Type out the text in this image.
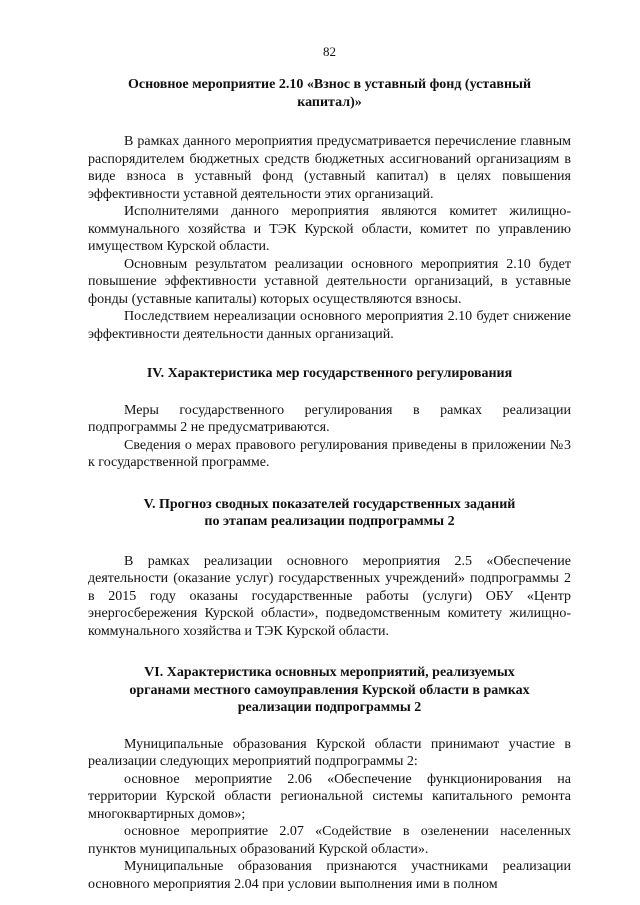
82
Основное мероприятие 2.10 «Взнос в уставный фонд (уставный
капитал)»

В рамках данного мероприятия предусматривается перечисление главным распорядителем бюджетных средств бюджетных ассигнований организациям в виде взноса в уставный фонд (уставный капитал) в целях повышения эффективности уставной деятельности этих организаций.

Исполнителями данного мероприятия являются комитет жилищно-коммунального хозяйства и ТЭК Курской области, комитет по управлению имуществом Курской области.

Основным результатом реализации основного мероприятия 2.10 будет повышение эффективности уставной деятельности организаций, в уставные фонды (уставные капиталы) которых осуществляются взносы.

Последствием нереализации основного мероприятия 2.10 будет снижение эффективности деятельности данных организаций.

IV. Характеристика мер государственного регулирования

Меры государственного регулирования в рамках реализации подпрограммы 2 не предусматриваются.

Сведения о мерах правового регулирования приведены в приложении №3 к государственной программе.

V. Прогноз сводных показателей государственных заданий
по этапам реализации подпрограммы 2

В рамках реализации основного мероприятия 2.5 «Обеспечение деятельности (оказание услуг) государственных учреждений» подпрограммы 2 в 2015 году оказаны государственные работы (услуги) ОБУ «Центр энергосбережения Курской области», подведомственным комитету жилищно-коммунального хозяйства и ТЭК Курской области.

VI. Характеристика основных мероприятий, реализуемых
органами местного самоуправления Курской области в рамках
реализации подпрограммы 2

Муниципальные образования Курской области принимают участие в реализации следующих мероприятий подпрограммы 2:

основное мероприятие 2.06 «Обеспечение функционирования на территории Курской области региональной системы капитального ремонта многоквартирных домов»;

основное мероприятие 2.07 «Содействие в озеленении населенных пунктов муниципальных образований Курской области».

Муниципальные образования признаются участниками реализации основного мероприятия 2.04 при условии выполнения ими в полном
